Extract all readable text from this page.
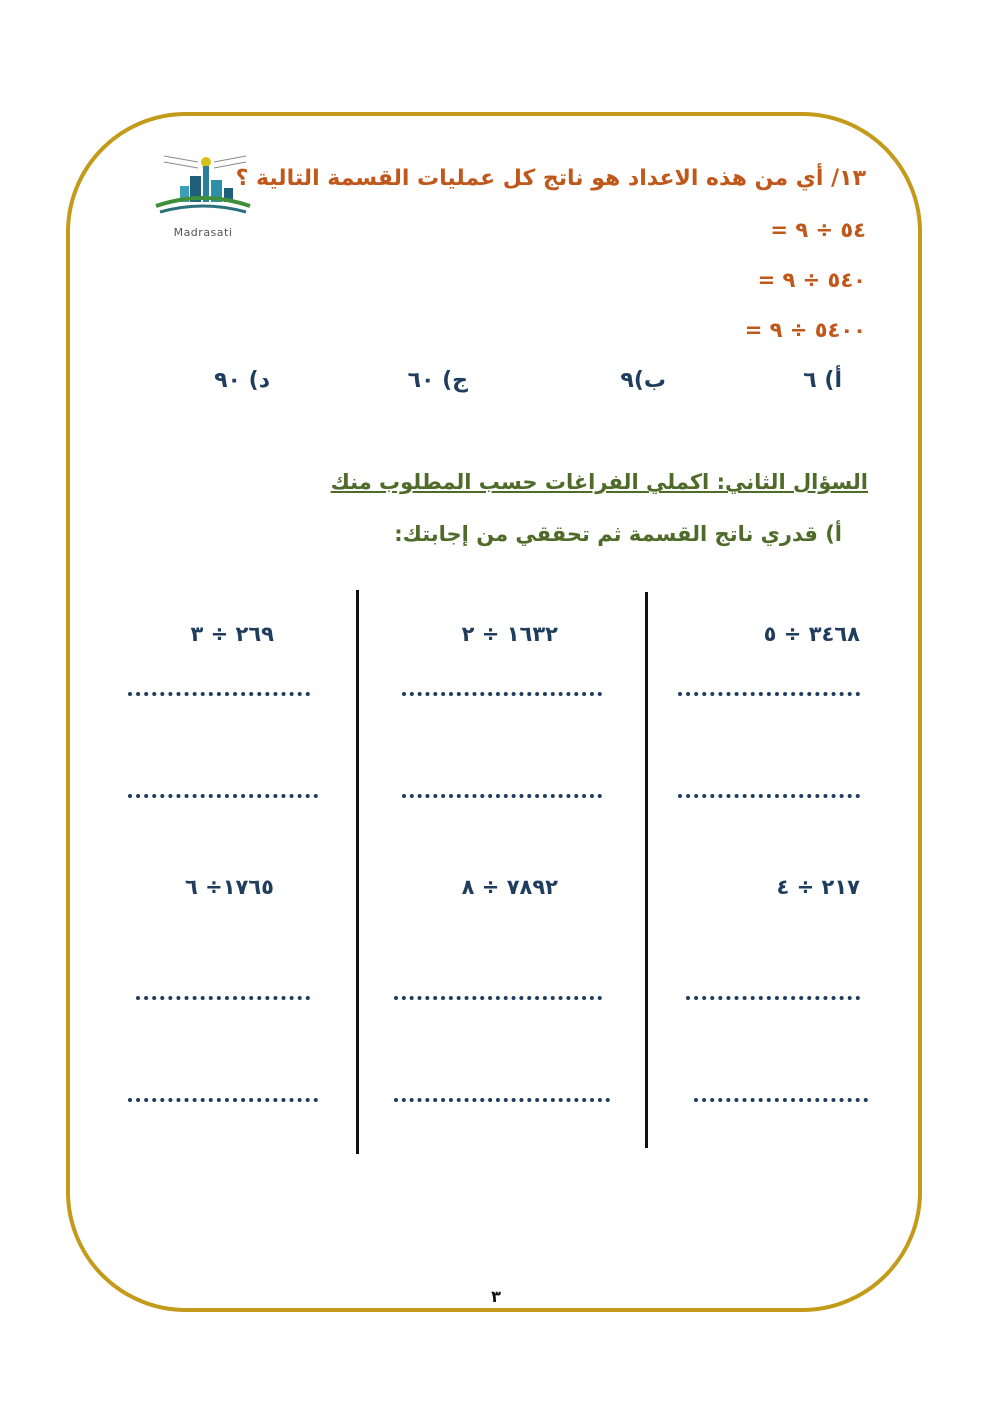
Madrasati
١٣/ أي من هذه الاعداد هو ناتج كل عمليات القسمة التالية ؟
٥٤ ÷ ٩ =
٥٤٠ ÷ ٩ =
٥٤٠٠ ÷ ٩ =
أ) ٦
ب)٩
ج) ٦٠
د) ٩٠
السؤال الثاني: اكملي الفراغات حسب المطلوب منك
أ) قدري ناتج القسمة ثم تحققي من إجابتك:
٣٤٦٨ ÷ ٥
١٦٣٢ ÷ ٢
٢٦٩ ÷ ٣
٢١٧ ÷ ٤
٧٨٩٢ ÷ ٨
١٧٦٥÷ ٦
٣
